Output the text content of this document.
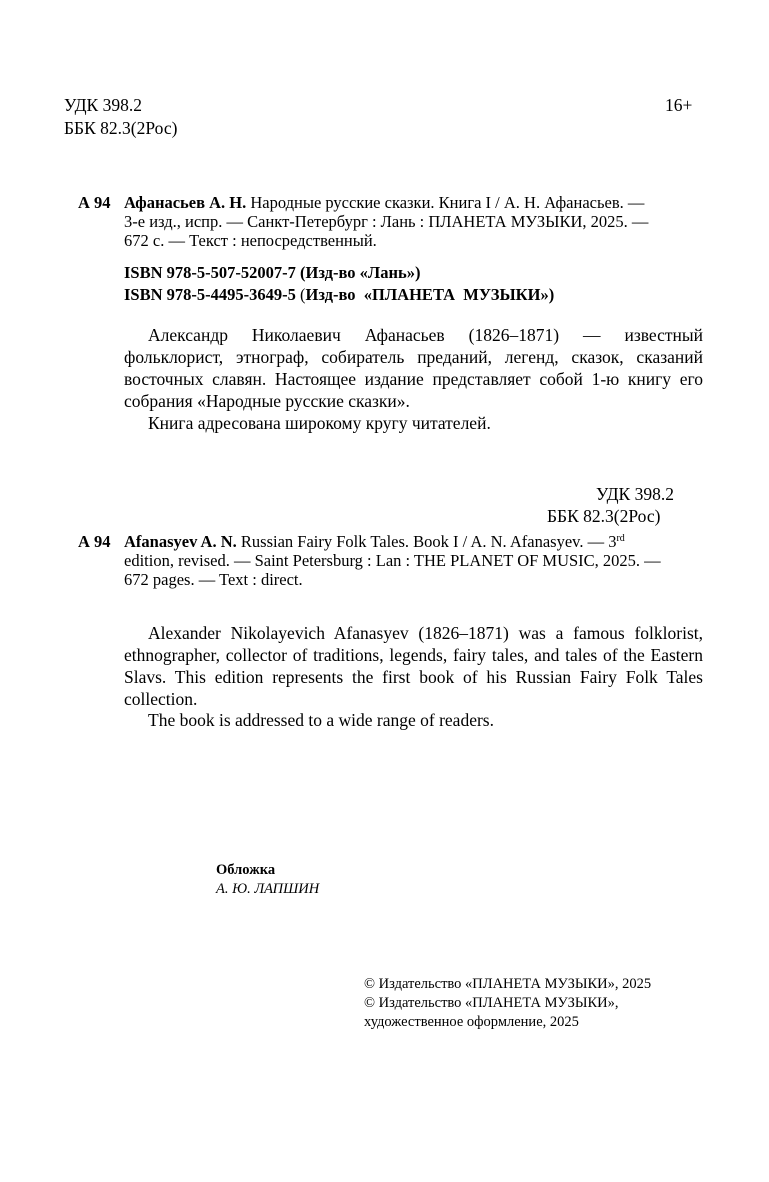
УДК 398.2
ББК 82.3(2Рос)
16+
А 94 Афанасьев А. Н. Народные русские сказки. Книга I / А. Н. Афанасьев. —
3-е изд., испр. — Санкт-Петербург : Лань : ПЛАНЕТА МУЗЫКИ, 2025. —
672 с. — Текст : непосредственный.
ISBN 978-5-507-52007-7 (Изд-во «Лань»)
ISBN 978-5-4495-3649-5 (Изд-во  «ПЛАНЕТА  МУЗЫКИ»)
Александр Николаевич Афанасьев (1826–1871) — известный фольклорист, этнограф, собиратель преданий, легенд, сказок, сказаний восточных славян. Настоящее издание представляет собой 1-ю книгу его собрания «Народные русские сказки».
Книга адресована широкому кругу читателей.
УДК 398.2
ББК 82.3(2Рос)
А 94 Afanasyev A. N. Russian Fairy Folk Tales. Book I / A. N. Afanasyev. — 3rd
edition, revised. — Saint Petersburg : Lan : THE PLANET OF MUSIC, 2025. —
672 pages. — Text : direct.
Alexander Nikolayevich Afanasyev (1826–1871) was a famous folklorist, ethnographer, collector of traditions, legends, fairy tales, and tales of the Eastern Slavs. This edition represents the first book of his Russian Fairy Folk Tales collection.
The book is addressed to a wide range of readers.
Обложка
А. Ю. ЛАПШИН
© Издательство «ПЛАНЕТА МУЗЫКИ», 2025
© Издательство «ПЛАНЕТА МУЗЫКИ»,
художественное оформление, 2025
